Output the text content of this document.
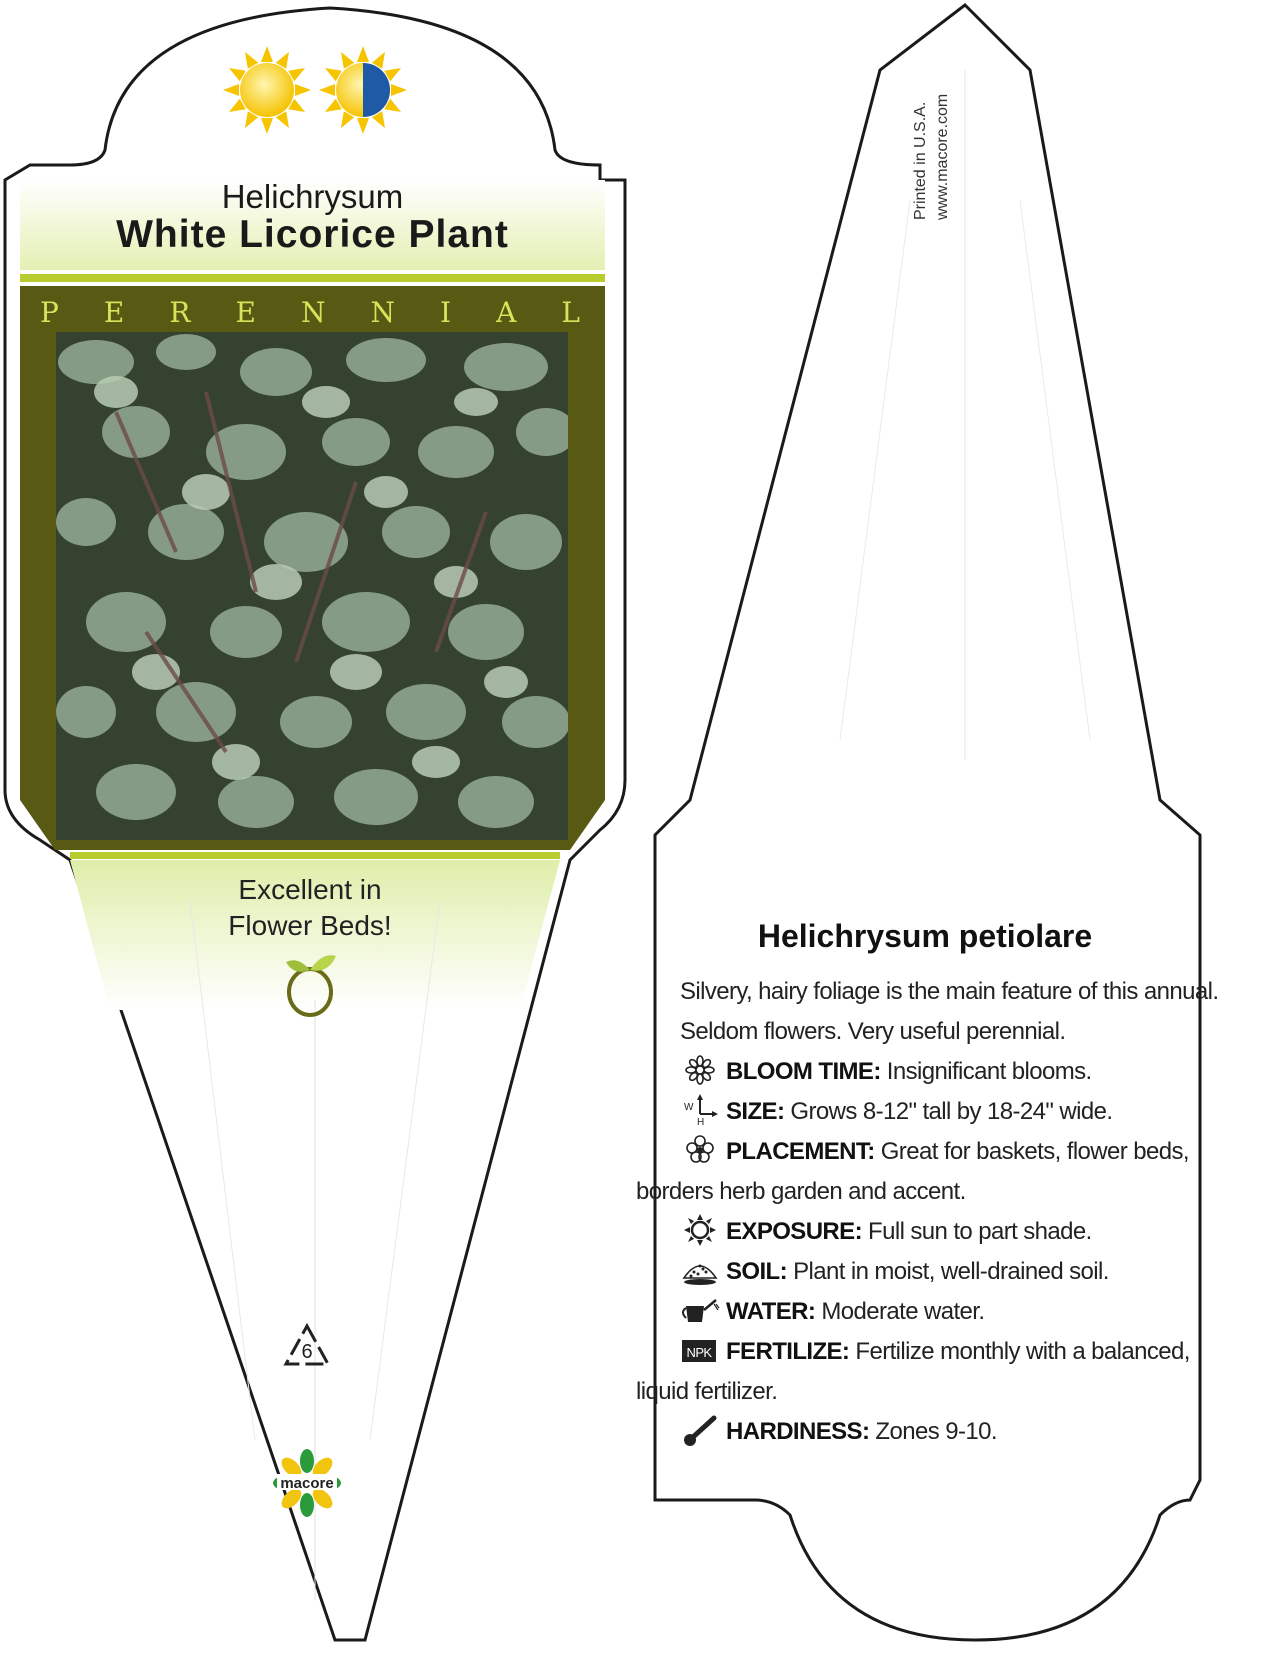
Helichrysum
White Licorice Plant
P E R E N N I A L
Excellent in
Flower Beds!
6
macore
Printed in U.S.A. www.macore.com
Helichrysum petiolare
Silvery, hairy foliage is the main feature of this annual.
Seldom flowers. Very useful perennial.
BLOOM TIME: Insignificant blooms.
W
H SIZE: Grows 8-12" tall by 18-24" wide.
PLACEMENT: Great for baskets, flower beds,
borders herb garden and accent.
EXPOSURE: Full sun to part shade.
SOIL: Plant in moist, well-drained soil.
WATER: Moderate water.
NPK FERTILIZE: Fertilize monthly with a balanced,
liquid fertilizer.
HARDINESS: Zones 9-10.
